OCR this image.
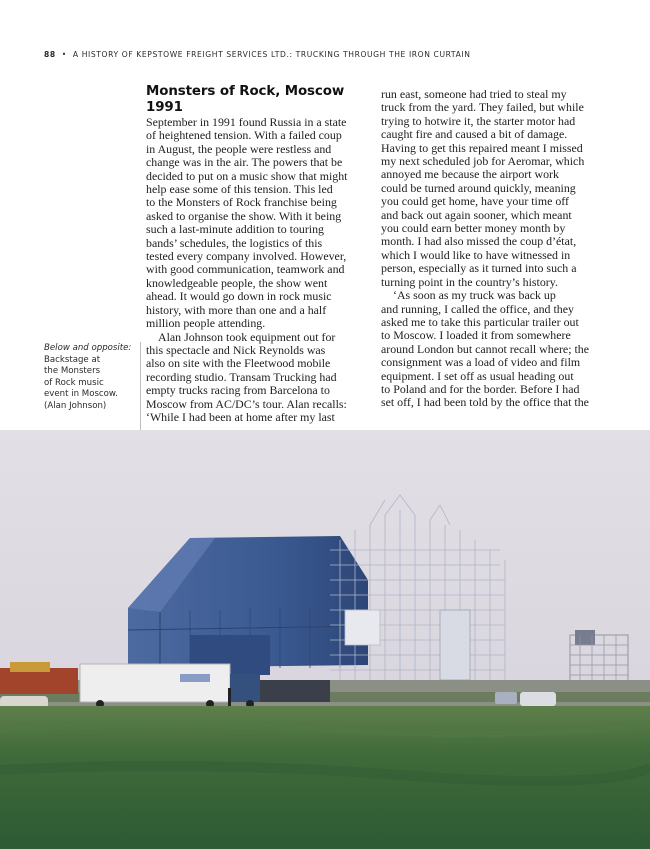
88 • A HISTORY OF KEPSTOWE FREIGHT SERVICES LTD.: TRUCKING THROUGH THE IRON CURTAIN
Below and opposite:
Backstage at
the Monsters
of Rock music
event in Moscow.
(Alan Johnson)
Monsters of Rock, Moscow 1991
September in 1991 found Russia in a state
of heightened tension. With a failed coup
in August, the people were restless and
change was in the air. The powers that be
decided to put on a music show that might
help ease some of this tension. This led
to the Monsters of Rock franchise being
asked to organise the show. With it being
such a last-minute addition to touring
bands’ schedules, the logistics of this
tested every company involved. However,
with good communication, teamwork and
knowledgeable people, the show went
ahead. It would go down in rock music
history, with more than one and a half
million people attending.
Alan Johnson took equipment out for
this spectacle and Nick Reynolds was
also on site with the Fleetwood mobile
recording studio. Transam Trucking had
empty trucks racing from Barcelona to
Moscow from AC/DC’s tour. Alan recalls:
‘While I had been at home after my last
run east, someone had tried to steal my
truck from the yard. They failed, but while
trying to hotwire it, the starter motor had
caught fire and caused a bit of damage.
Having to get this repaired meant I missed
my next scheduled job for Aeromar, which
annoyed me because the airport work
could be turned around quickly, meaning
you could get home, have your time off
and back out again sooner, which meant
you could earn better money month by
month. I had also missed the coup d’état,
which I would like to have witnessed in
person, especially as it turned into such a
turning point in the country’s history.
‘As soon as my truck was back up
and running, I called the office, and they
asked me to take this particular trailer out
to Moscow. I loaded it from somewhere
around London but cannot recall where; the
consignment was a load of video and film
equipment. I set off as usual heading out
to Poland and for the border. Before I had
set off, I had been told by the office that the
